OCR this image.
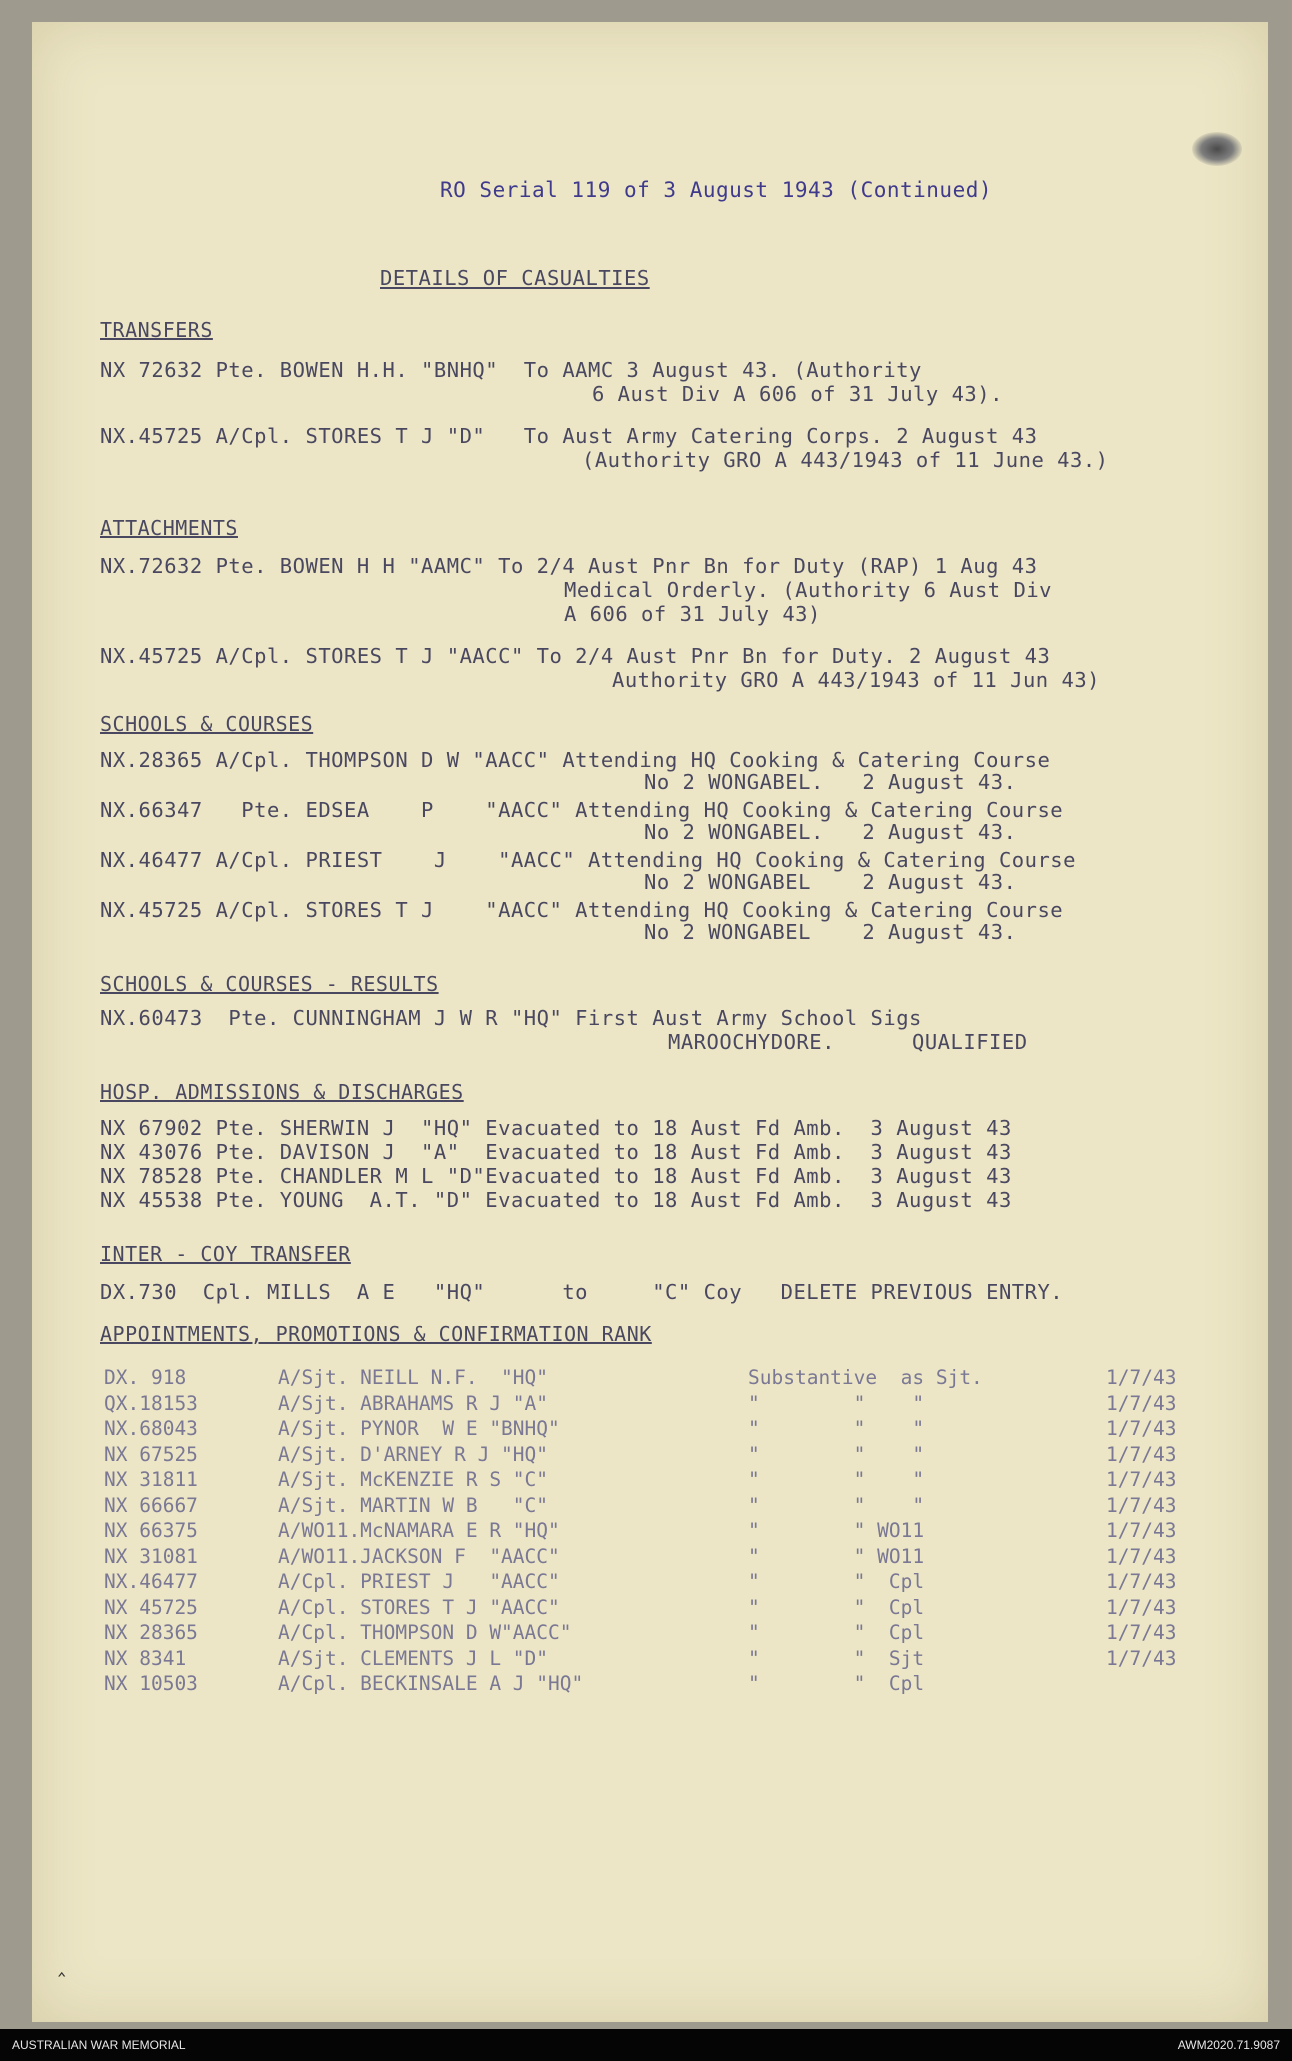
RO Serial 119 of 3 August 1943 (Continued)
DETAILS OF CASUALTIES
TRANSFERS
NX 72632 Pte. BOWEN H.H. "BNHQ"  To AAMC 3 August 43. (Authority
6 Aust Div A 606 of 31 July 43).
NX.45725 A/Cpl. STORES T J "D"   To Aust Army Catering Corps. 2 August 43
(Authority GRO A 443/1943 of 11 June 43.)
ATTACHMENTS
NX.72632 Pte. BOWEN H H "AAMC" To 2/4 Aust Pnr Bn for Duty (RAP) 1 Aug 43
Medical Orderly. (Authority 6 Aust Div
A 606 of 31 July 43)
NX.45725 A/Cpl. STORES T J "AACC" To 2/4 Aust Pnr Bn for Duty. 2 August 43
Authority GRO A 443/1943 of 11 Jun 43)
SCHOOLS & COURSES
NX.28365 A/Cpl. THOMPSON D W "AACC" Attending HQ Cooking & Catering Course
No 2 WONGABEL.   2 August 43.
NX.66347   Pte. EDSEA    P    "AACC" Attending HQ Cooking & Catering Course
No 2 WONGABEL.   2 August 43.
NX.46477 A/Cpl. PRIEST    J    "AACC" Attending HQ Cooking & Catering Course
No 2 WONGABEL    2 August 43.
NX.45725 A/Cpl. STORES T J    "AACC" Attending HQ Cooking & Catering Course
No 2 WONGABEL    2 August 43.
SCHOOLS & COURSES - RESULTS
NX.60473  Pte. CUNNINGHAM J W R "HQ" First Aust Army School Sigs
MAROOCHYDORE.      QUALIFIED
HOSP. ADMISSIONS & DISCHARGES
NX 67902 Pte. SHERWIN J  "HQ" Evacuated to 18 Aust Fd Amb.  3 August 43
NX 43076 Pte. DAVISON J  "A"  Evacuated to 18 Aust Fd Amb.  3 August 43
NX 78528 Pte. CHANDLER M L "D"Evacuated to 18 Aust Fd Amb.  3 August 43
NX 45538 Pte. YOUNG  A.T. "D" Evacuated to 18 Aust Fd Amb.  3 August 43
INTER - COY TRANSFER
DX.730  Cpl. MILLS  A E   "HQ"      to     "C" Coy   DELETE PREVIOUS ENTRY.
APPOINTMENTS, PROMOTIONS & CONFIRMATION RANK
DX. 918	A/Sjt. NEILL N.F.  "HQ"	Substantive  as Sjt.	1/7/43
QX.18153	A/Sjt. ABRAHAMS R J "A"	"        "    "	1/7/43
NX.68043	A/Sjt. PYNOR  W E "BNHQ"	"        "    "	1/7/43
NX 67525	A/Sjt. D'ARNEY R J "HQ"	"        "    "	1/7/43
NX 31811	A/Sjt. McKENZIE R S "C"	"        "    "	1/7/43
NX 66667	A/Sjt. MARTIN W B   "C"	"        "    "	1/7/43
NX 66375	A/WO11.McNAMARA E R "HQ"	"        " WO11	1/7/43
NX 31081	A/WO11.JACKSON F  "AACC"	"        " WO11	1/7/43
NX.46477	A/Cpl. PRIEST J   "AACC"	"        "  Cpl	1/7/43
NX 45725	A/Cpl. STORES T J "AACC"	"        "  Cpl	1/7/43
NX 28365	A/Cpl. THOMPSON D W"AACC"	"        "  Cpl	1/7/43
NX 8341	A/Sjt. CLEMENTS J L "D"	"        "  Sjt	1/7/43
NX 10503	A/Cpl. BECKINSALE A J "HQ"	"        "  Cpl
‸
AUSTRALIAN WAR MEMORIAL	AWM2020.71.9087
